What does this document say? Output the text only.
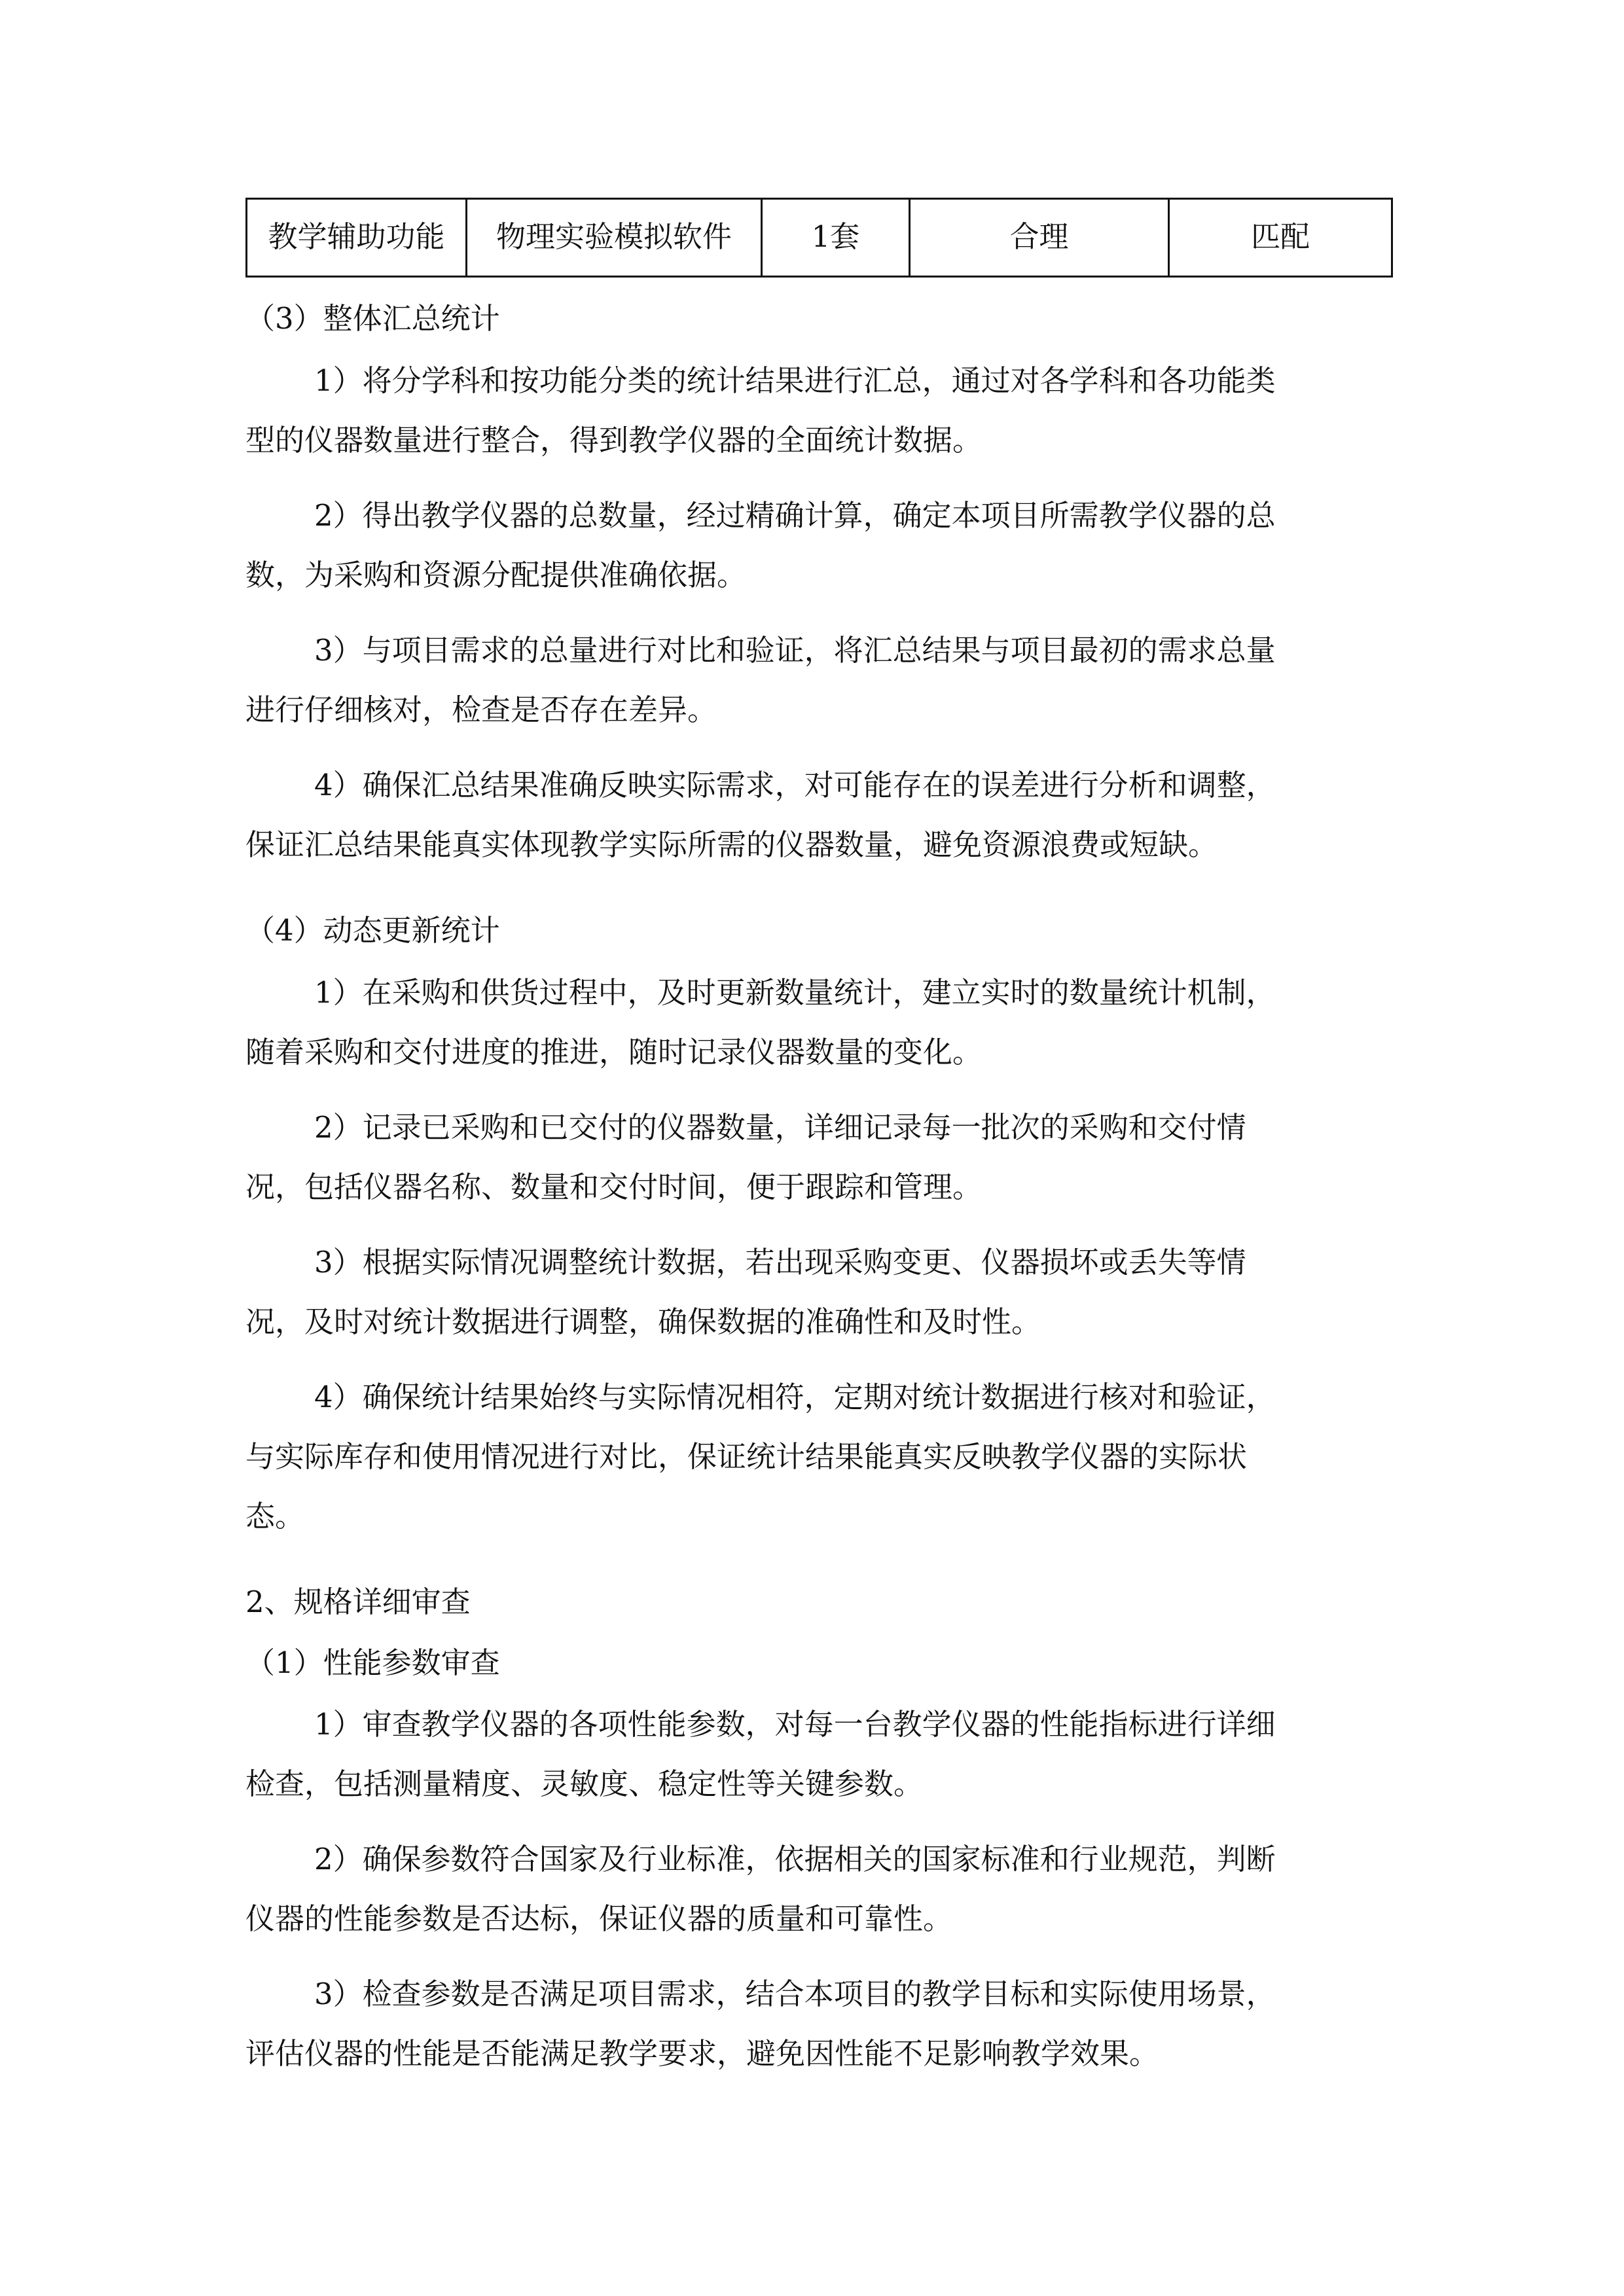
教学辅助功能	物理实验模拟软件	1套	合理	匹配
（3）整体汇总统计
1）将分学科和按功能分类的统计结果进行汇总，通过对各学科和各功能类
型的仪器数量进行整合，得到教学仪器的全面统计数据。
2）得出教学仪器的总数量，经过精确计算，确定本项目所需教学仪器的总
数，为采购和资源分配提供准确依据。
3）与项目需求的总量进行对比和验证，将汇总结果与项目最初的需求总量
进行仔细核对，检查是否存在差异。
4）确保汇总结果准确反映实际需求，对可能存在的误差进行分析和调整，
保证汇总结果能真实体现教学实际所需的仪器数量，避免资源浪费或短缺。
（4）动态更新统计
1）在采购和供货过程中，及时更新数量统计，建立实时的数量统计机制，
随着采购和交付进度的推进，随时记录仪器数量的变化。
2）记录已采购和已交付的仪器数量，详细记录每一批次的采购和交付情
况，包括仪器名称、数量和交付时间，便于跟踪和管理。
3）根据实际情况调整统计数据，若出现采购变更、仪器损坏或丢失等情
况，及时对统计数据进行调整，确保数据的准确性和及时性。
4）确保统计结果始终与实际情况相符，定期对统计数据进行核对和验证，
与实际库存和使用情况进行对比，保证统计结果能真实反映教学仪器的实际状
态。
2、规格详细审查
（1）性能参数审查
1）审查教学仪器的各项性能参数，对每一台教学仪器的性能指标进行详细
检查，包括测量精度、灵敏度、稳定性等关键参数。
2）确保参数符合国家及行业标准，依据相关的国家标准和行业规范，判断
仪器的性能参数是否达标，保证仪器的质量和可靠性。
3）检查参数是否满足项目需求，结合本项目的教学目标和实际使用场景，
评估仪器的性能是否能满足教学要求，避免因性能不足影响教学效果。
